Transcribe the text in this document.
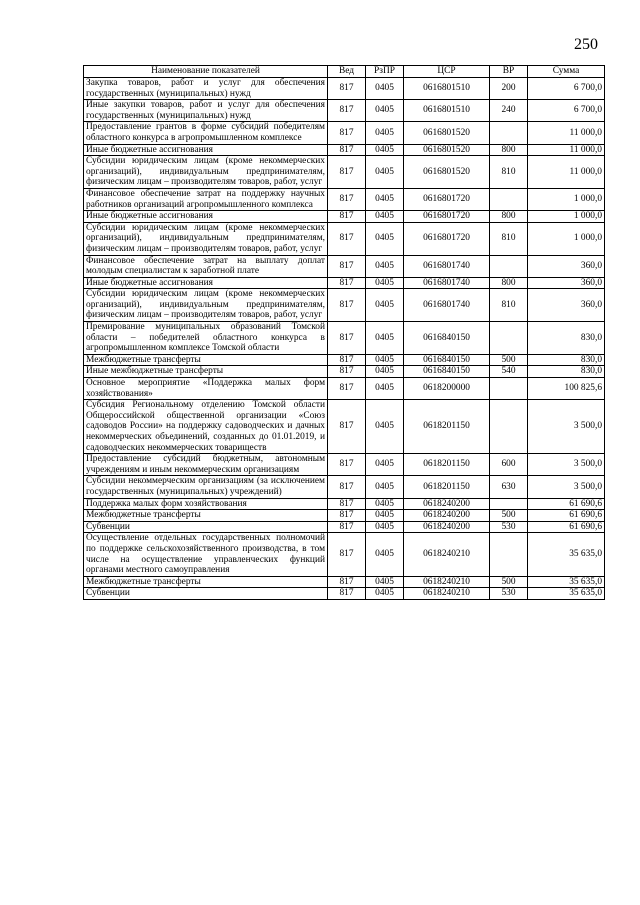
250
Наименование показателей	Вед	РзПР	ЦСР	ВР	Сумма
Закупка товаров, работ и услуг для обеспечения государственных (муниципальных) нужд	817	0405	0616801510	200	6 700,0
Иные закупки товаров, работ и услуг для обеспечения государственных (муниципальных) нужд	817	0405	0616801510	240	6 700,0
Предоставление грантов в форме субсидий победителям областного конкурса в агропромышленном комплексе	817	0405	0616801520		11 000,0
Иные бюджетные ассигнования	817	0405	0616801520	800	11 000,0
Субсидии юридическим лицам (кроме некоммерческих организаций), индивидуальным предпринимателям, физическим лицам – производителям товаров, работ, услуг	817	0405	0616801520	810	11 000,0
Финансовое обеспечение затрат на поддержку научных работников организаций агропромышленного комплекса	817	0405	0616801720		1 000,0
Иные бюджетные ассигнования	817	0405	0616801720	800	1 000,0
Субсидии юридическим лицам (кроме некоммерческих организаций), индивидуальным предпринимателям, физическим лицам – производителям товаров, работ, услуг	817	0405	0616801720	810	1 000,0
Финансовое обеспечение затрат на выплату доплат молодым специалистам к заработной плате	817	0405	0616801740		360,0
Иные бюджетные ассигнования	817	0405	0616801740	800	360,0
Субсидии юридическим лицам (кроме некоммерческих организаций), индивидуальным предпринимателям, физическим лицам – производителям товаров, работ, услуг	817	0405	0616801740	810	360,0
Премирование муниципальных образований Томской области – победителей областного конкурса в агропромышленном комплексе Томской области	817	0405	0616840150		830,0
Межбюджетные трансферты	817	0405	0616840150	500	830,0
Иные межбюджетные трансферты	817	0405	0616840150	540	830,0
Основное мероприятие «Поддержка малых форм хозяйствования»	817	0405	0618200000		100 825,6
Субсидия Региональному отделению Томской области Общероссийской общественной организации «Союз садоводов России» на поддержку садоводческих и дачных некоммерческих объединений, созданных до 01.01.2019, и садоводческих некоммерческих товариществ	817	0405	0618201150		3 500,0
Предоставление субсидий бюджетным, автономным учреждениям и иным некоммерческим организациям	817	0405	0618201150	600	3 500,0
Субсидии некоммерческим организациям (за исключением государственных (муниципальных) учреждений)	817	0405	0618201150	630	3 500,0
Поддержка малых форм хозяйствования	817	0405	0618240200		61 690,6
Межбюджетные трансферты	817	0405	0618240200	500	61 690,6
Субвенции	817	0405	0618240200	530	61 690,6
Осуществление отдельных государственных полномочий по поддержке сельскохозяйственного производства, в том числе на осуществление управленческих функций органами местного самоуправления	817	0405	0618240210		35 635,0
Межбюджетные трансферты	817	0405	0618240210	500	35 635,0
Субвенции	817	0405	0618240210	530	35 635,0
